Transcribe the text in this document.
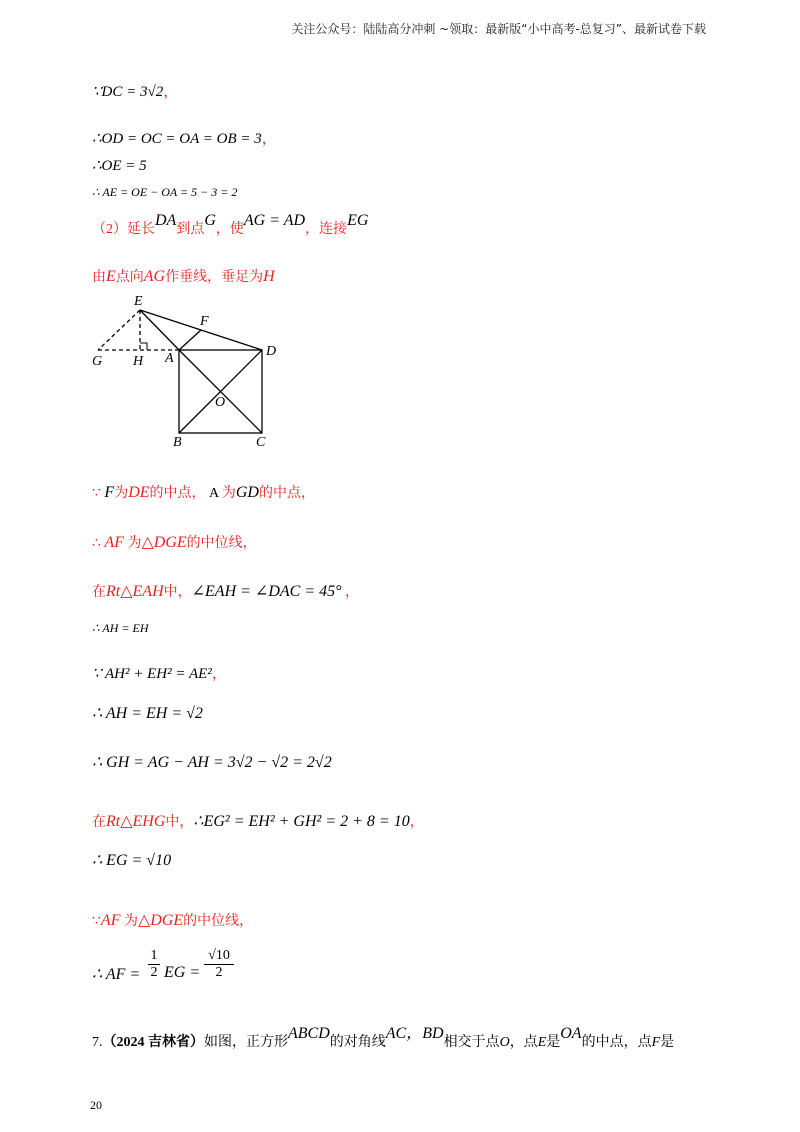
关注公众号：陆陆高分冲刺 ~领取：最新版“小中高考-总复习”、最新试卷下载
∵DC = 3√2，
∴OD = OC = OA = OB = 3，
∴OE = 5
∴ AE = OE − OA = 5 − 3 = 2
（2）延长DA到点G，使AG = AD，连接EG
由E点向AG作垂线，垂足为H
E
F
G H A	D
O
B	C
∵ F为DE的中点， A 为GD的中点，
∴ AF 为△DGE的中位线，
在Rt△EAH中，∠EAH = ∠DAC = 45° ，
∴ AH = EH
∵ AH² + EH² = AE²，
∴ AH = EH = √2
∴ GH = AG − AH = 3√2 − √2 = 2√2
在Rt△EHG中，∴EG² = EH² + GH² = 2 + 8 = 10，
∴ EG = √10
∵AF 为△DGE的中位线，
∴ AF = $\frac{1}{2}$ EG = $\frac{√10}{2}$
7.（2024 吉林省）如图，正方形ABCD的对角线AC，BD相交于点O，点E是OA的中点，点F是
20
